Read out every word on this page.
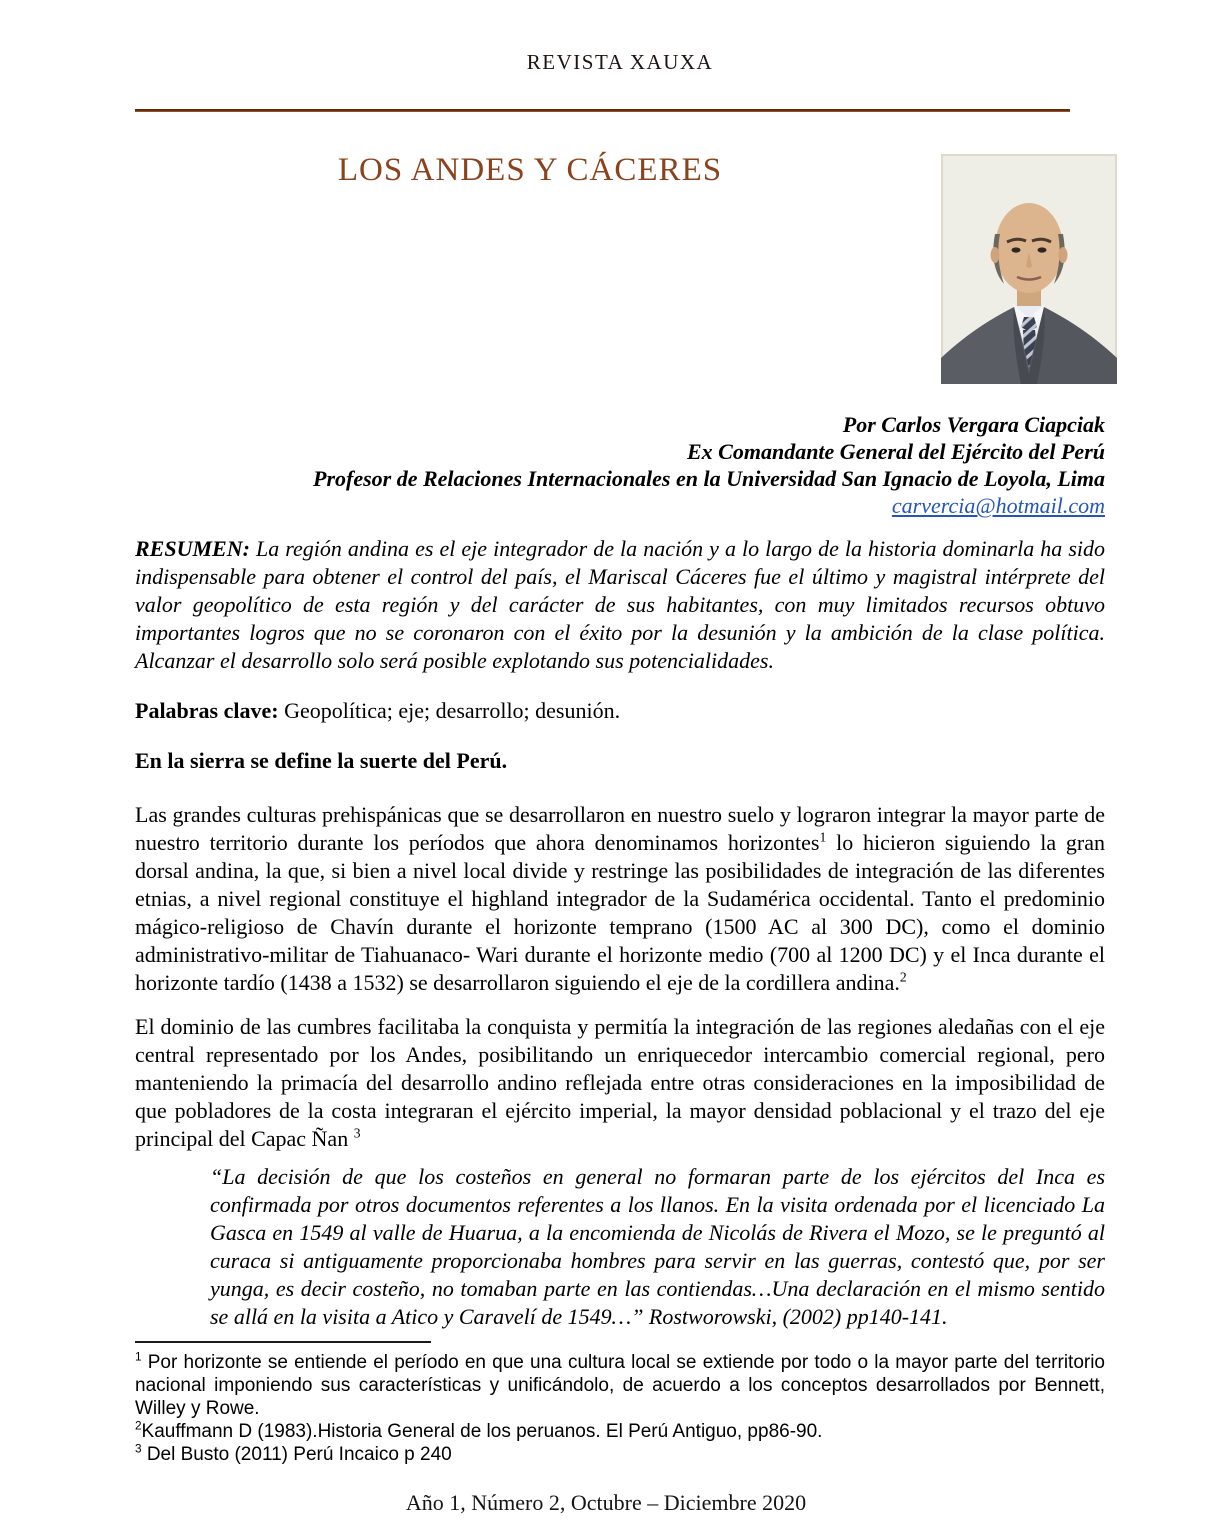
REVISTA XAUXA
LOS ANDES Y CÁCERES
Por Carlos Vergara Ciapciak
Ex Comandante General del Ejército del Perú
Profesor de Relaciones Internacionales en la Universidad San Ignacio de Loyola, Lima
carvercia@hotmail.com

RESUMEN: La región andina es el eje integrador de la nación y a lo largo de la historia dominarla ha sido indispensable para obtener el control del país, el Mariscal Cáceres fue el último y magistral intérprete del valor geopolítico de esta región y del carácter de sus habitantes, con muy limitados recursos obtuvo importantes logros que no se coronaron con el éxito por la desunión y la ambición de la clase política. Alcanzar el desarrollo solo será posible explotando sus potencialidades.

Palabras clave: Geopolítica; eje; desarrollo; desunión.

En la sierra se define la suerte del Perú.

Las grandes culturas prehispánicas que se desarrollaron en nuestro suelo y lograron integrar la mayor parte de nuestro territorio durante los períodos que ahora denominamos horizontes$^1$ lo hicieron siguiendo la gran dorsal andina, la que, si bien a nivel local divide y restringe las posibilidades de integración de las diferentes etnias, a nivel regional constituye el highland integrador de la Sudamérica occidental. Tanto el predominio mágico-religioso de Chavín durante el horizonte temprano (1500 AC al 300 DC), como el dominio administrativo-militar de Tiahuanaco- Wari durante el horizonte medio (700 al 1200 DC) y el Inca durante el horizonte tardío (1438 a 1532) se desarrollaron siguiendo el eje de la cordillera andina.$^2$

El dominio de las cumbres facilitaba la conquista y permitía la integración de las regiones aledañas con el eje central representado por los Andes, posibilitando un enriquecedor intercambio comercial regional, pero manteniendo la primacía del desarrollo andino reflejada entre otras consideraciones en la imposibilidad de que pobladores de la costa integraran el ejército imperial, la mayor densidad poblacional y el trazo del eje principal del Capac Ñan $^3$

“La decisión de que los costeños en general no formaran parte de los ejércitos del Inca es confirmada por otros documentos referentes a los llanos. En la visita ordenada por el licenciado La Gasca en 1549 al valle de Huarua, a la encomienda de Nicolás de Rivera el Mozo, se le preguntó al curaca si antiguamente proporcionaba hombres para servir en las guerras, contestó que, por ser yunga, es decir costeño, no tomaban parte en las contiendas…Una declaración en el mismo sentido se allá en la visita a Atico y Caravelí de 1549…” Rostworowski, (2002) pp140-141.

$^1$ Por horizonte se entiende el período en que una cultura local se extiende por todo o la mayor parte del territorio nacional imponiendo sus características y unificándolo, de acuerdo a los conceptos desarrollados por Bennett, Willey y Rowe.

$^2$Kauffmann D (1983).Historia General de los peruanos. El Perú Antiguo, pp86-90.

$^3$ Del Busto (2011) Perú Incaico p 240

Año 1, Número 2, Octubre – Diciembre 2020
